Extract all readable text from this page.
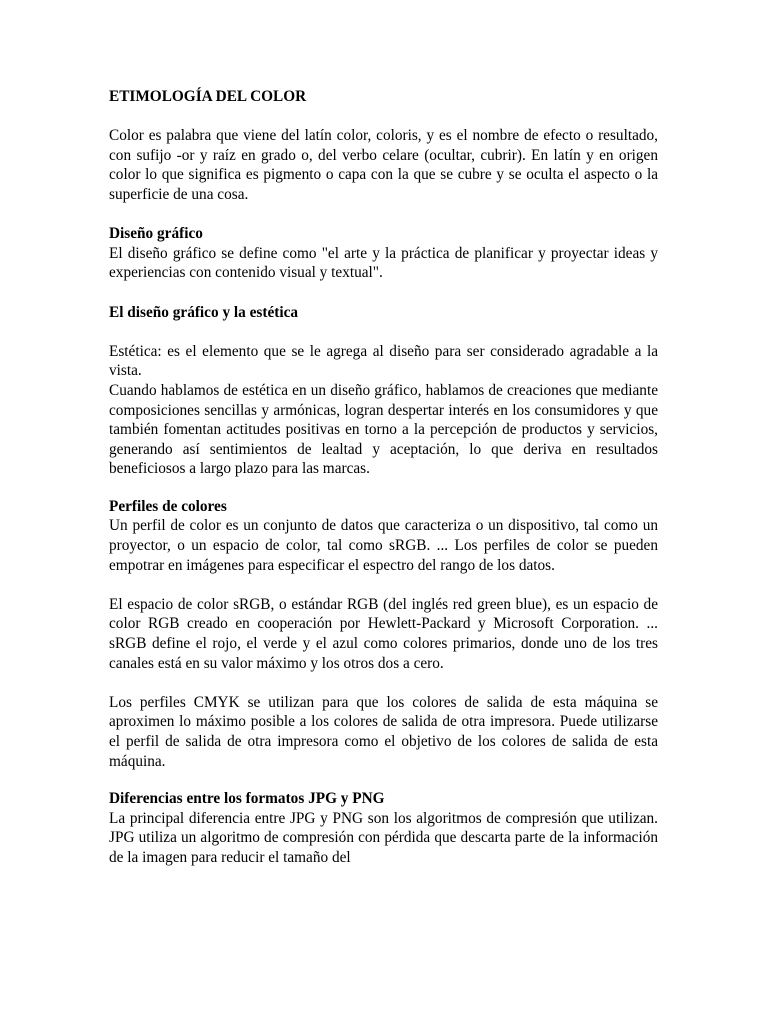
ETIMOLOGÍA DEL COLOR

Color es palabra que viene del latín color, coloris, y es el nombre de efecto o resultado, con sufijo -or y raíz en grado o, del verbo celare (ocultar, cubrir). En latín y en origen color lo que significa es pigmento o capa con la que se cubre y se oculta el aspecto o la superficie de una cosa.

Diseño gráfico

El diseño gráfico se define como "el arte y la práctica de planificar y proyectar ideas y experiencias con contenido visual y textual".

El diseño gráfico y la estética

Estética: es el elemento que se le agrega al diseño para ser considerado agradable a la vista.

Cuando hablamos de estética en un diseño gráfico, hablamos de creaciones que mediante composiciones sencillas y armónicas, logran despertar interés en los consumidores y que también fomentan actitudes positivas en torno a la percepción de productos y servicios, generando así sentimientos de lealtad y aceptación, lo que deriva en resultados beneficiosos a largo plazo para las marcas.

Perfiles de colores

Un perfil de color es un conjunto de datos que caracteriza o un dispositivo, tal como un proyector, o un espacio de color, tal como sRGB. ... Los perfiles de color se pueden empotrar en imágenes para especificar el espectro del rango de los datos.

El espacio de color sRGB, o estándar RGB (del inglés red green blue), es un espacio de color RGB creado en cooperación por Hewlett-Packard y Microsoft Corporation. ... sRGB define el rojo, el verde y el azul como colores primarios, donde uno de los tres canales está en su valor máximo y los otros dos a cero.

Los perfiles CMYK se utilizan para que los colores de salida de esta máquina se aproximen lo máximo posible a los colores de salida de otra impresora. Puede utilizarse el perfil de salida de otra impresora como el objetivo de los colores de salida de esta máquina.

Diferencias entre los formatos JPG y PNG

La principal diferencia entre JPG y PNG son los algoritmos de compresión que utilizan. JPG utiliza un algoritmo de compresión con pérdida que descarta parte de la información de la imagen para reducir el tamaño del
